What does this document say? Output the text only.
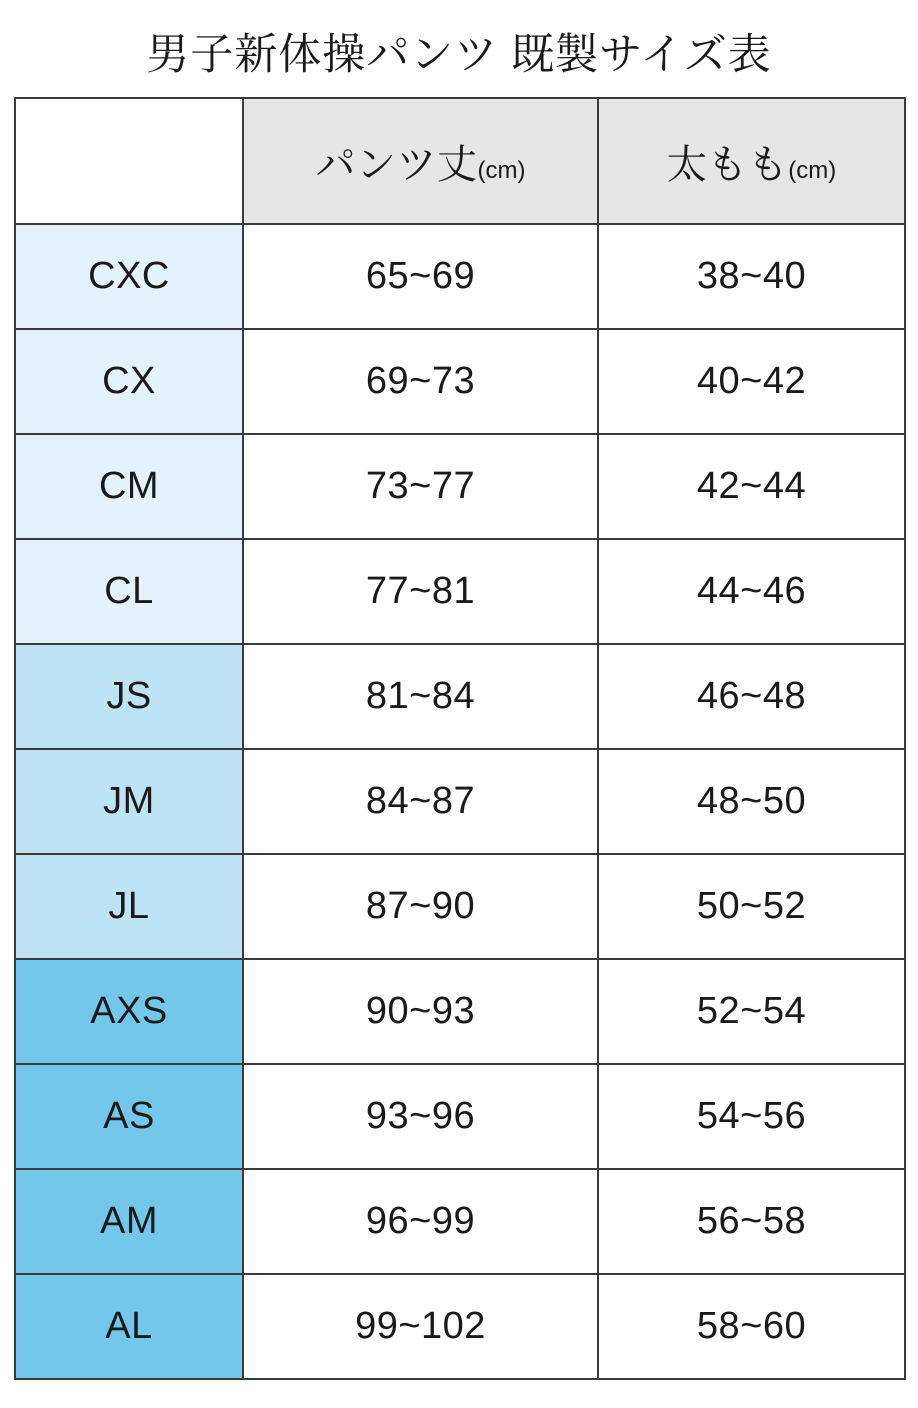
男子新体操パンツ 既製サイズ表
	パンツ丈(cm)	太もも(cm)
CXC	65~69	38~40
CX	69~73	40~42
CM	73~77	42~44
CL	77~81	44~46
JS	81~84	46~48
JM	84~87	48~50
JL	87~90	50~52
AXS	90~93	52~54
AS	93~96	54~56
AM	96~99	56~58
AL	99~102	58~60
